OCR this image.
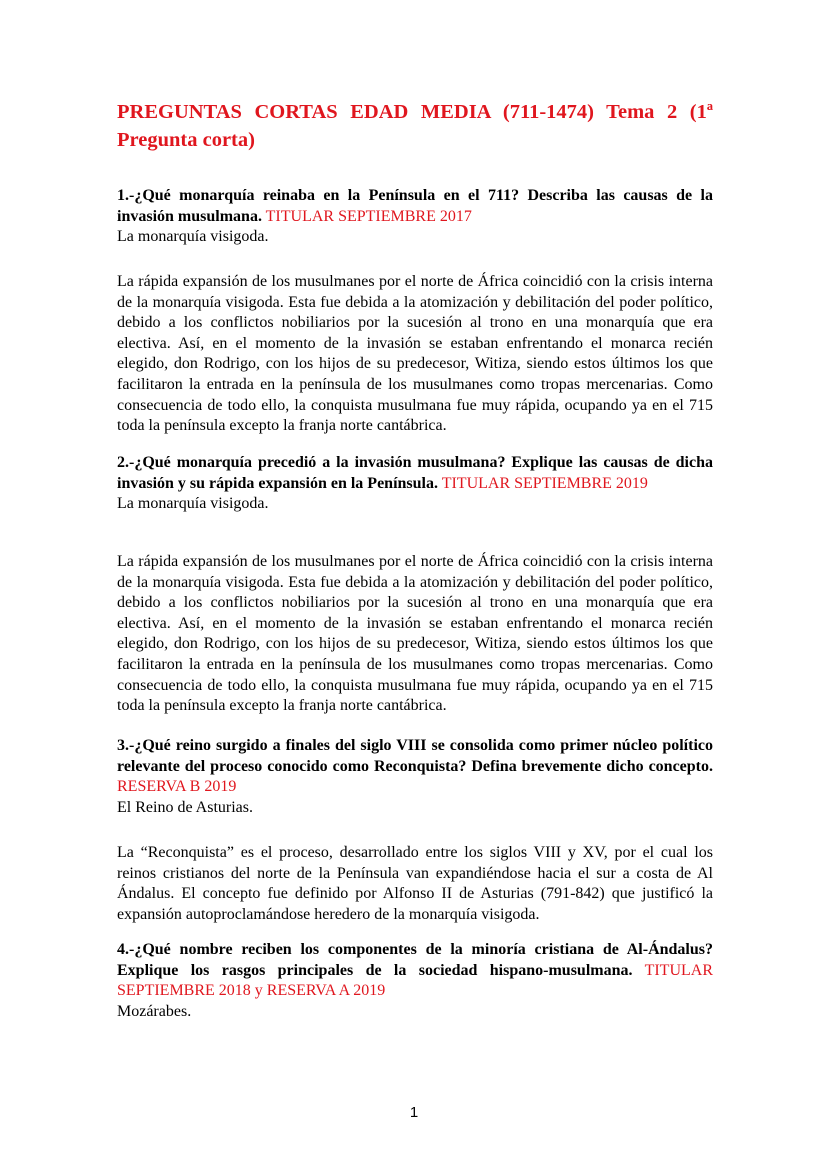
PREGUNTAS CORTAS EDAD MEDIA (711-1474) Tema 2 (1ª Pregunta corta)
1.-¿Qué monarquía reinaba en la Península en el 711? Describa las causas de la invasión musulmana. TITULAR SEPTIEMBRE 2017
La monarquía visigoda.
La rápida expansión de los musulmanes por el norte de África coincidió con la crisis interna de la monarquía visigoda. Esta fue debida a la atomización y debilitación del poder político, debido a los conflictos nobiliarios por la sucesión al trono en una monarquía que era electiva. Así, en el momento de la invasión se estaban enfrentando el monarca recién elegido, don Rodrigo, con los hijos de su predecesor, Witiza, siendo estos últimos los que facilitaron la entrada en la península de los musulmanes como tropas mercenarias. Como consecuencia de todo ello, la conquista musulmana fue muy rápida, ocupando ya en el 715 toda la península excepto la franja norte cantábrica.
2.-¿Qué monarquía precedió a la invasión musulmana? Explique las causas de dicha invasión y su rápida expansión en la Península. TITULAR SEPTIEMBRE 2019
La monarquía visigoda.
La rápida expansión de los musulmanes por el norte de África coincidió con la crisis interna de la monarquía visigoda. Esta fue debida a la atomización y debilitación del poder político, debido a los conflictos nobiliarios por la sucesión al trono en una monarquía que era electiva. Así, en el momento de la invasión se estaban enfrentando el monarca recién elegido, don Rodrigo, con los hijos de su predecesor, Witiza, siendo estos últimos los que facilitaron la entrada en la península de los musulmanes como tropas mercenarias. Como consecuencia de todo ello, la conquista musulmana fue muy rápida, ocupando ya en el 715 toda la península excepto la franja norte cantábrica.
3.-¿Qué reino surgido a finales del siglo VIII se consolida como primer núcleo político relevante del proceso conocido como Reconquista? Defina brevemente dicho concepto. RESERVA B 2019
El Reino de Asturias.
La “Reconquista” es el proceso, desarrollado entre los siglos VIII y XV, por el cual los reinos cristianos del norte de la Península van expandiéndose hacia el sur a costa de Al Ándalus. El concepto fue definido por Alfonso II de Asturias (791-842) que justificó la expansión autoproclamándose heredero de la monarquía visigoda.
4.-¿Qué nombre reciben los componentes de la minoría cristiana de Al-Ándalus? Explique los rasgos principales de la sociedad hispano-musulmana. TITULAR SEPTIEMBRE 2018 y RESERVA A 2019
Mozárabes.
1
